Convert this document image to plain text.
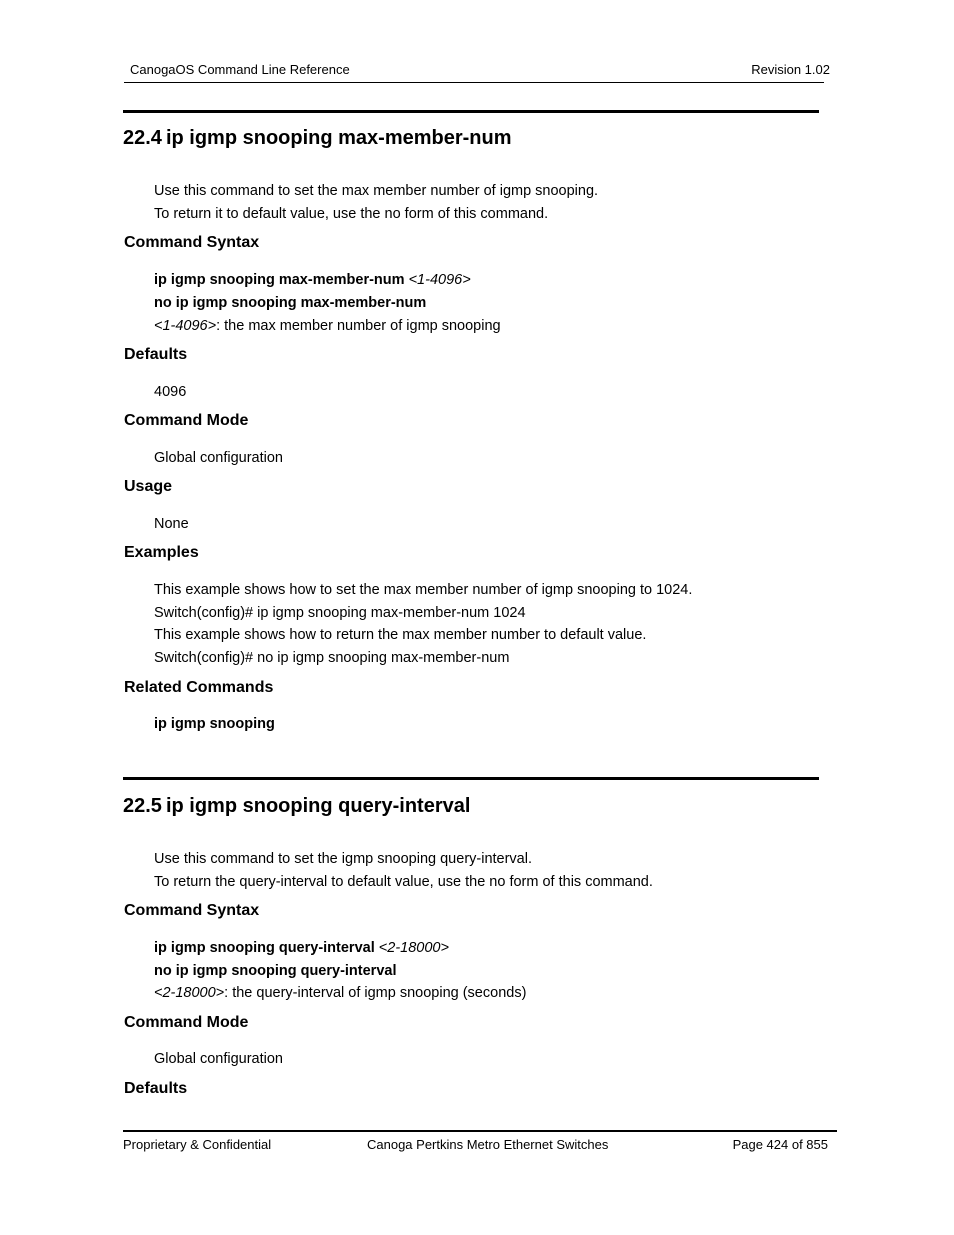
CanogaOS Command Line Reference	Revision 1.02
22.4 ip igmp snooping max-member-num
Use this command to set the max member number of igmp snooping.
To return it to default value, use the no form of this command.
Command Syntax
ip igmp snooping max-member-num <1-4096>
no ip igmp snooping max-member-num
<1-4096>: the max member number of igmp snooping
Defaults
4096
Command Mode
Global configuration
Usage
None
Examples
This example shows how to set the max member number of igmp snooping to 1024.
Switch(config)# ip igmp snooping max-member-num 1024
This example shows how to return the max member number to default value.
Switch(config)# no ip igmp snooping max-member-num
Related Commands
ip igmp snooping
22.5 ip igmp snooping query-interval
Use this command to set the igmp snooping query-interval.
To return the query-interval to default value, use the no form of this command.
Command Syntax
ip igmp snooping query-interval <2-18000>
no ip igmp snooping query-interval
<2-18000>: the query-interval of igmp snooping (seconds)
Command Mode
Global configuration
Defaults
Proprietary & Confidential	Canoga Pertkins Metro Ethernet Switches	Page 424 of 855
